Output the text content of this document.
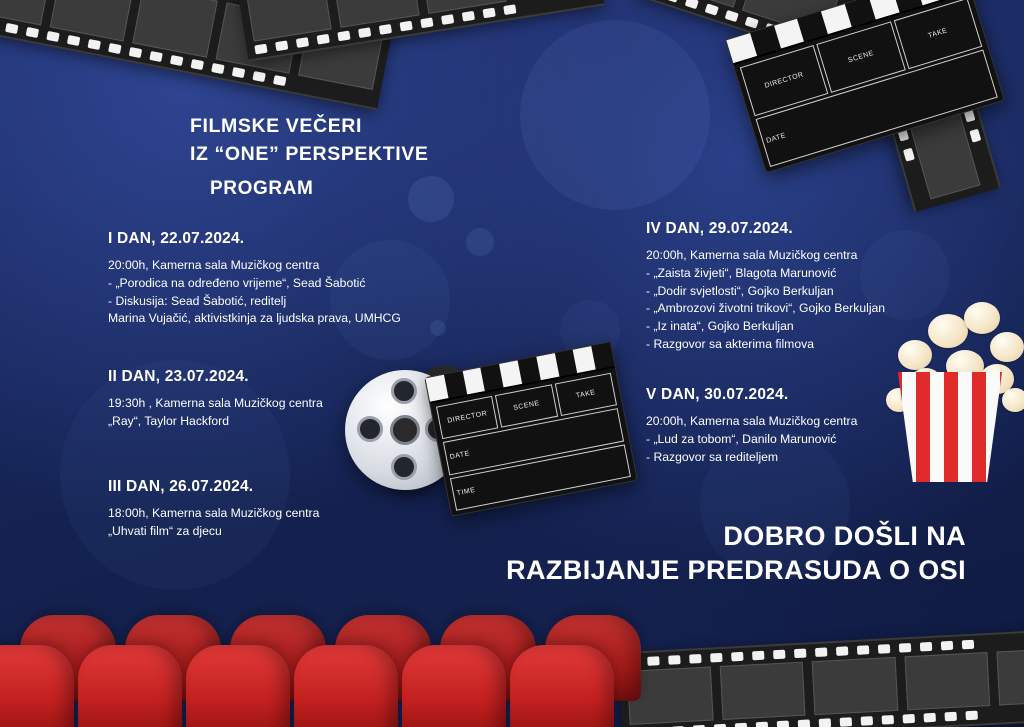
DIRECTOR
SCENE
TAKE
DATE
DIRECTOR
SCENE
TAKE
DATE
TIME
FILMSKE VEČERI
IZ “ONE” PERSPEKTIVE
PROGRAM
I DAN, 22.07.2024.
20:00h, Kamerna sala Muzičkog centra
- „Porodica na određeno vrijeme“, Sead Šabotić
- Diskusija: Sead Šabotić, reditelj
Marina Vujačić, aktivistkinja za ljudska prava, UMHCG
II DAN, 23.07.2024.
19:30h , Kamerna sala Muzičkog centra
„Ray“, Taylor Hackford
III DAN, 26.07.2024.
18:00h, Kamerna sala Muzičkog centra
„Uhvati film“ za djecu
IV DAN, 29.07.2024.
20:00h, Kamerna sala Muzičkog centra
- „Zaista živjeti“, Blagota Marunović
- „Dodir svjetlosti“, Gojko Berkuljan
- „Ambrozovi životni trikovi“, Gojko Berkuljan
- „Iz inata“, Gojko Berkuljan
- Razgovor sa akterima filmova
V DAN, 30.07.2024.
20:00h, Kamerna sala Muzičkog centra
- „Lud za tobom“, Danilo Marunović
- Razgovor sa rediteljem
DOBRO DOŠLI NA
RAZBIJANJE PREDRASUDA O OSI
